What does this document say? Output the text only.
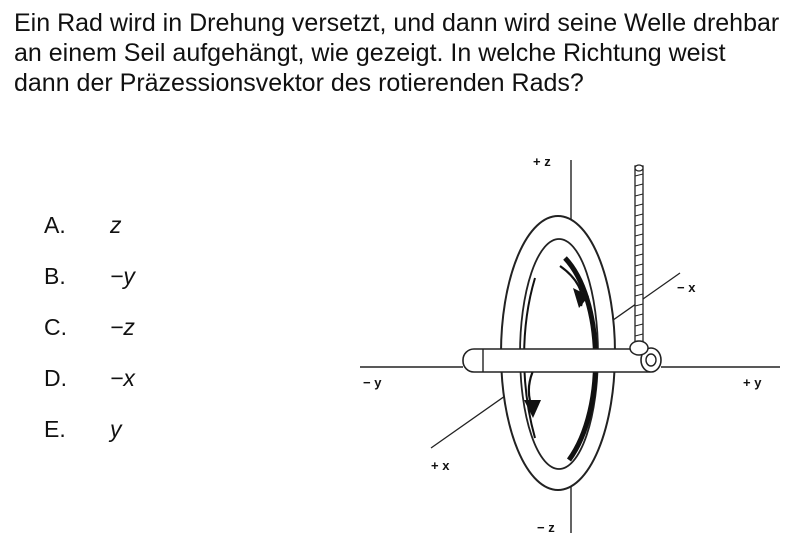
Ein Rad wird in Drehung versetzt, und dann wird seine Welle drehbar an einem Seil aufgehängt, wie gezeigt. In welche Richtung weist dann der Präzessionsvektor des rotierenden Rads?

A.	z
B.	−y
C.	−z
D.	−x
E.	y
+ z
− z
− y	+ y
+ x
− x
